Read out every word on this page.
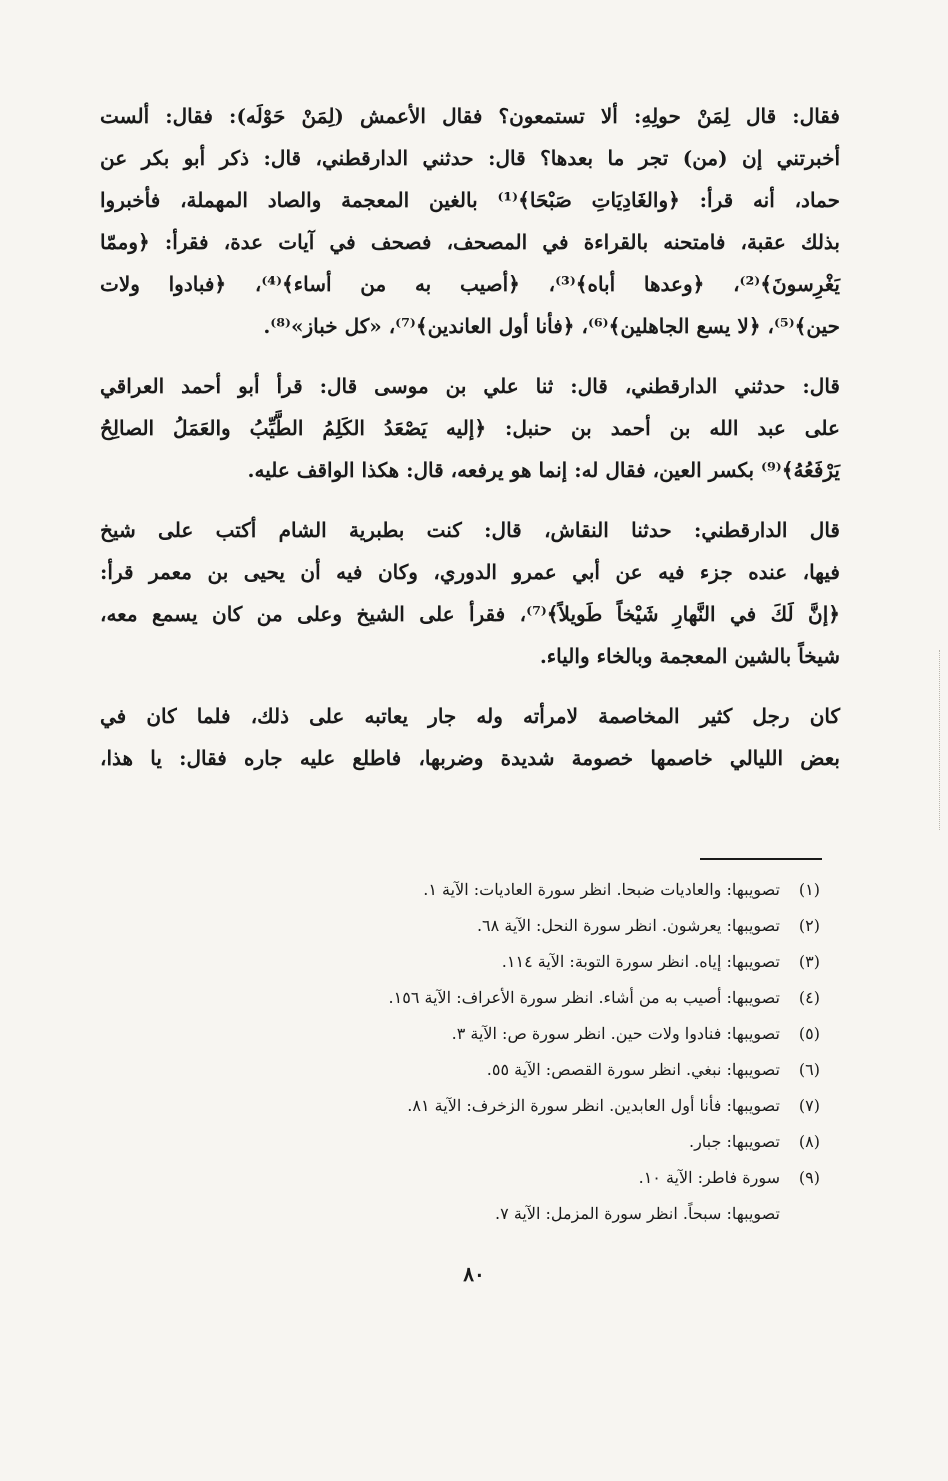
فقال: قال لِمَنْ حولِهِ: ألا تستمعون؟ فقال الأعمش (لِمَنْ حَوْلَه): فقال: ألست
أخبرتني إن (من) تجر ما بعدها؟ قال: حدثني الدارقطني، قال: ذكر أبو بكر عن
حماد، أنه قرأ: ﴿والغَادِيَاتِ صَبْحَا﴾⁽¹⁾ بالغين المعجمة والصاد المهملة، فأخبروا
بذلك عقبة، فامتحنه بالقراءة في المصحف، فصحف في آيات عدة، فقرأ: ﴿وممّا
يَغْرِسونَ﴾⁽²⁾، ﴿وعدها أباه﴾⁽³⁾، ﴿أصيب به من أساء﴾⁽⁴⁾، ﴿فبادوا ولات
حين﴾⁽⁵⁾، ﴿لا يسع الجاهلين﴾⁽⁶⁾، ﴿فأنا أول العاندين﴾⁽⁷⁾، «كل خباز»⁽⁸⁾.
قال: حدثني الدارقطني، قال: ثنا علي بن موسى قال: قرأ أبو أحمد العراقي
على عبد الله بن أحمد بن حنبل: ﴿إليه يَصْعَدُ الكَلِمُ الطَّيِّبُ والعَمَلُ الصالِحُ
يَرْفَعُهُ﴾⁽⁹⁾ بكسر العين، فقال له: إنما هو يرفعه، قال: هكذا الواقف عليه.
قال الدارقطني: حدثنا النقاش، قال: كنت بطبرية الشام أكتب على شيخ
فيها، عنده جزء فيه عن أبي عمرو الدوري، وكان فيه أن يحيى بن معمر قرأ:
﴿إنَّ لَكَ في النَّهارِ شَيْخاً طَويلاً﴾⁽⁷⁾، فقرأ على الشيخ وعلى من كان يسمع معه،
شيخاً بالشين المعجمة وبالخاء والياء.
كان رجل كثير المخاصمة لامرأته وله جار يعاتبه على ذلك، فلما كان في
بعض الليالي خاصمها خصومة شديدة وضربها، فاطلع عليه جاره فقال: يا هذا،
(١)
تصويبها: والعاديات ضبحا. انظر سورة العاديات: الآية ١.
(٢)
تصويبها: يعرشون. انظر سورة النحل: الآية ٦٨.
(٣)
تصويبها: إياه. انظر سورة التوبة: الآية ١١٤.
(٤)
تصويبها: أصيب به من أشاء. انظر سورة الأعراف: الآية ١٥٦.
(٥)
تصويبها: فنادوا ولات حين. انظر سورة ص: الآية ٣.
(٦)
تصويبها: نبغي. انظر سورة القصص: الآية ٥٥.
(٧)
تصويبها: فأنا أول العابدين. انظر سورة الزخرف: الآية ٨١.
(٨)
تصويبها: جبار.
(٩)
سورة فاطر: الآية ١٠.
تصويبها: سبحاً. انظر سورة المزمل: الآية ٧.
٨٠
